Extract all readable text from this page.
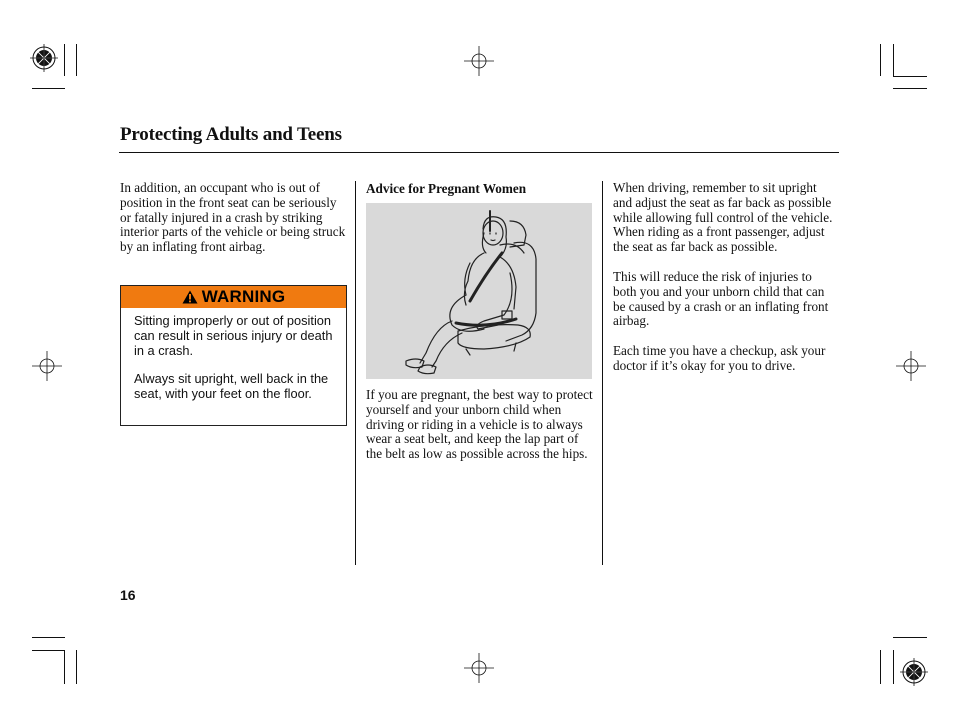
Protecting Adults and Teens

In addition, an occupant who is out of position in the front seat can be seriously or fatally injured in a crash by striking interior parts of the vehicle or being struck by an inflating front airbag.

WARNING

Sitting improperly or out of position can result in serious injury or death in a crash.

Always sit upright, well back in the seat, with your feet on the floor.

Advice for Pregnant Women

If you are pregnant, the best way to protect yourself and your unborn child when driving or riding in a vehicle is to always wear a seat belt, and keep the lap part of the belt as low as possible across the hips.

When driving, remember to sit upright and adjust the seat as far back as possible while allowing full control of the vehicle. When riding as a front passenger, adjust the seat as far back as possible.

This will reduce the risk of injuries to both you and your unborn child that can be caused by a crash or an inflating front airbag.

Each time you have a checkup, ask your doctor if it’s okay for you to drive.

16
